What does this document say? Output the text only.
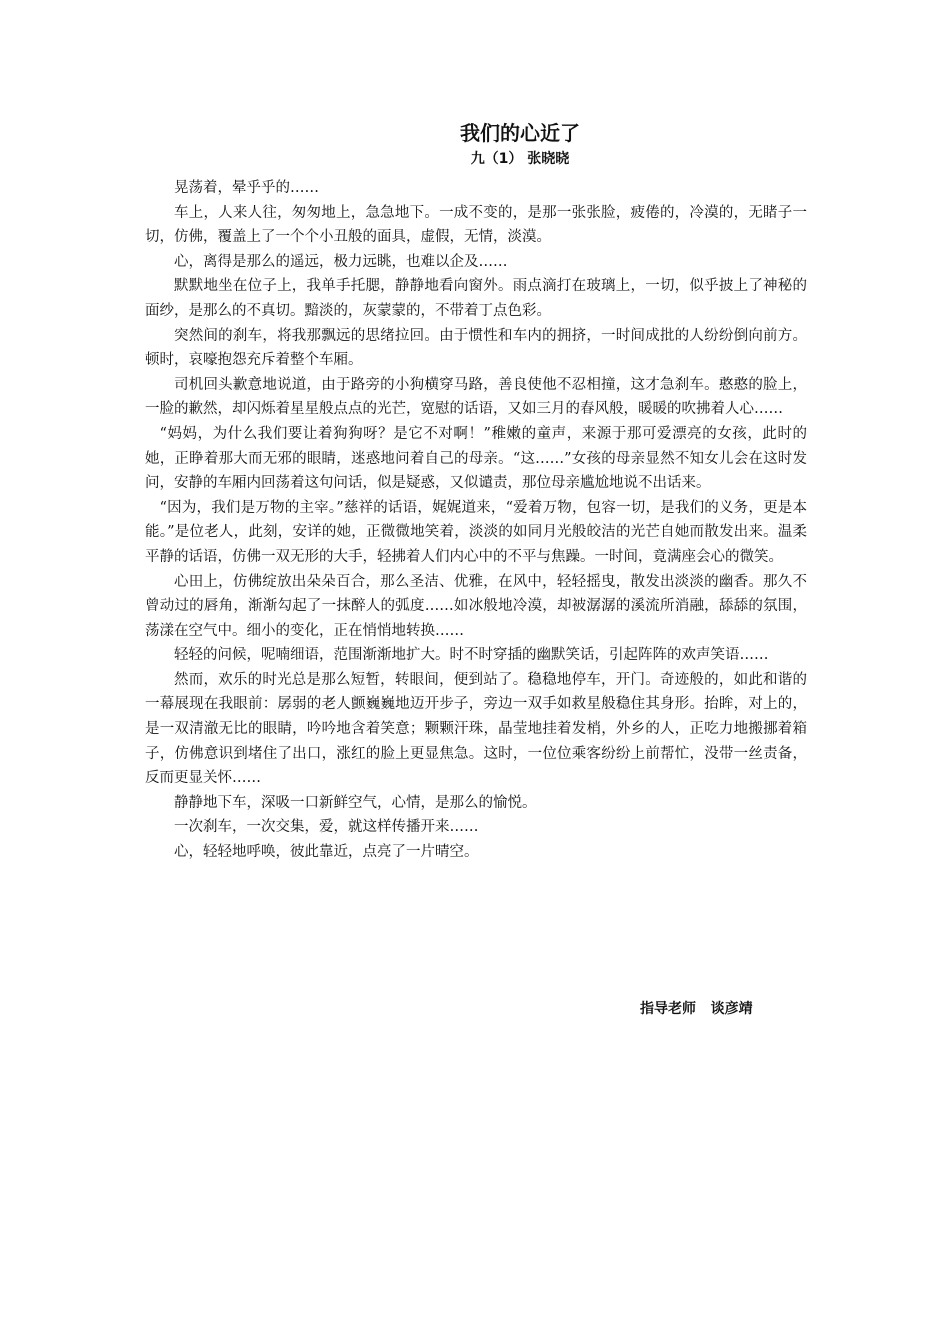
我们的心近了
九（1） 张晓晓

晃荡着，晕乎乎的……

车上，人来人往，匆匆地上，急急地下。一成不变的，是那一张张脸，疲倦的，冷漠的，无睹子一切，仿佛，覆盖上了一个个小丑般的面具，虚假，无情，淡漠。

心，离得是那么的遥远，极力远眺，也难以企及……

默默地坐在位子上，我单手托腮，静静地看向窗外。雨点滴打在玻璃上，一切，似乎披上了神秘的面纱，是那么的不真切。黯淡的，灰蒙蒙的，不带着丁点色彩。

突然间的刹车，将我那飘远的思绪拉回。由于惯性和车内的拥挤，一时间成批的人纷纷倒向前方。顿时，哀嚎抱怨充斥着整个车厢。

司机回头歉意地说道，由于路旁的小狗横穿马路，善良使他不忍相撞，这才急刹车。憨憨的脸上，一脸的歉然，却闪烁着星星般点点的光芒，宽慰的话语，又如三月的春风般，暖暖的吹拂着人心……

“妈妈，为什么我们要让着狗狗呀？是它不对啊！”稚嫩的童声，来源于那可爱漂亮的女孩，此时的她，正睁着那大而无邪的眼睛，迷惑地问着自己的母亲。“这……”女孩的母亲显然不知女儿会在这时发问，安静的车厢内回荡着这句问话，似是疑惑，又似谴责，那位母亲尴尬地说不出话来。

“因为，我们是万物的主宰。”慈祥的话语，娓娓道来，“爱着万物，包容一切，是我们的义务，更是本能。”是位老人，此刻，安详的她，正微微地笑着，淡淡的如同月光般皎洁的光芒自她而散发出来。温柔平静的话语，仿佛一双无形的大手，轻拂着人们内心中的不平与焦躁。一时间，竟满座会心的微笑。

心田上，仿佛绽放出朵朵百合，那么圣洁、优雅，在风中，轻轻摇曳，散发出淡淡的幽香。那久不曾动过的唇角，渐渐勾起了一抹醉人的弧度……如冰般地冷漠，却被潺潺的溪流所消融，舔舔的氛围，荡漾在空气中。细小的变化，正在悄悄地转换……

轻轻的问候，呢喃细语，范围渐渐地扩大。时不时穿插的幽默笑话，引起阵阵的欢声笑语……

然而，欢乐的时光总是那么短暂，转眼间，便到站了。稳稳地停车，开门。奇迹般的，如此和谐的一幕展现在我眼前：孱弱的老人颤巍巍地迈开步子，旁边一双手如救星般稳住其身形。抬眸，对上的，是一双清澈无比的眼睛，吟吟地含着笑意；颗颗汗珠，晶莹地挂着发梢，外乡的人，正吃力地搬挪着箱子，仿佛意识到堵住了出口，涨红的脸上更显焦急。这时，一位位乘客纷纷上前帮忙，没带一丝责备，反而更显关怀……

静静地下车，深吸一口新鲜空气，心情，是那么的愉悦。

一次刹车，一次交集，爱，就这样传播开来……

心，轻轻地呼唤，彼此靠近，点亮了一片晴空。

指导老师   谈彦靖
